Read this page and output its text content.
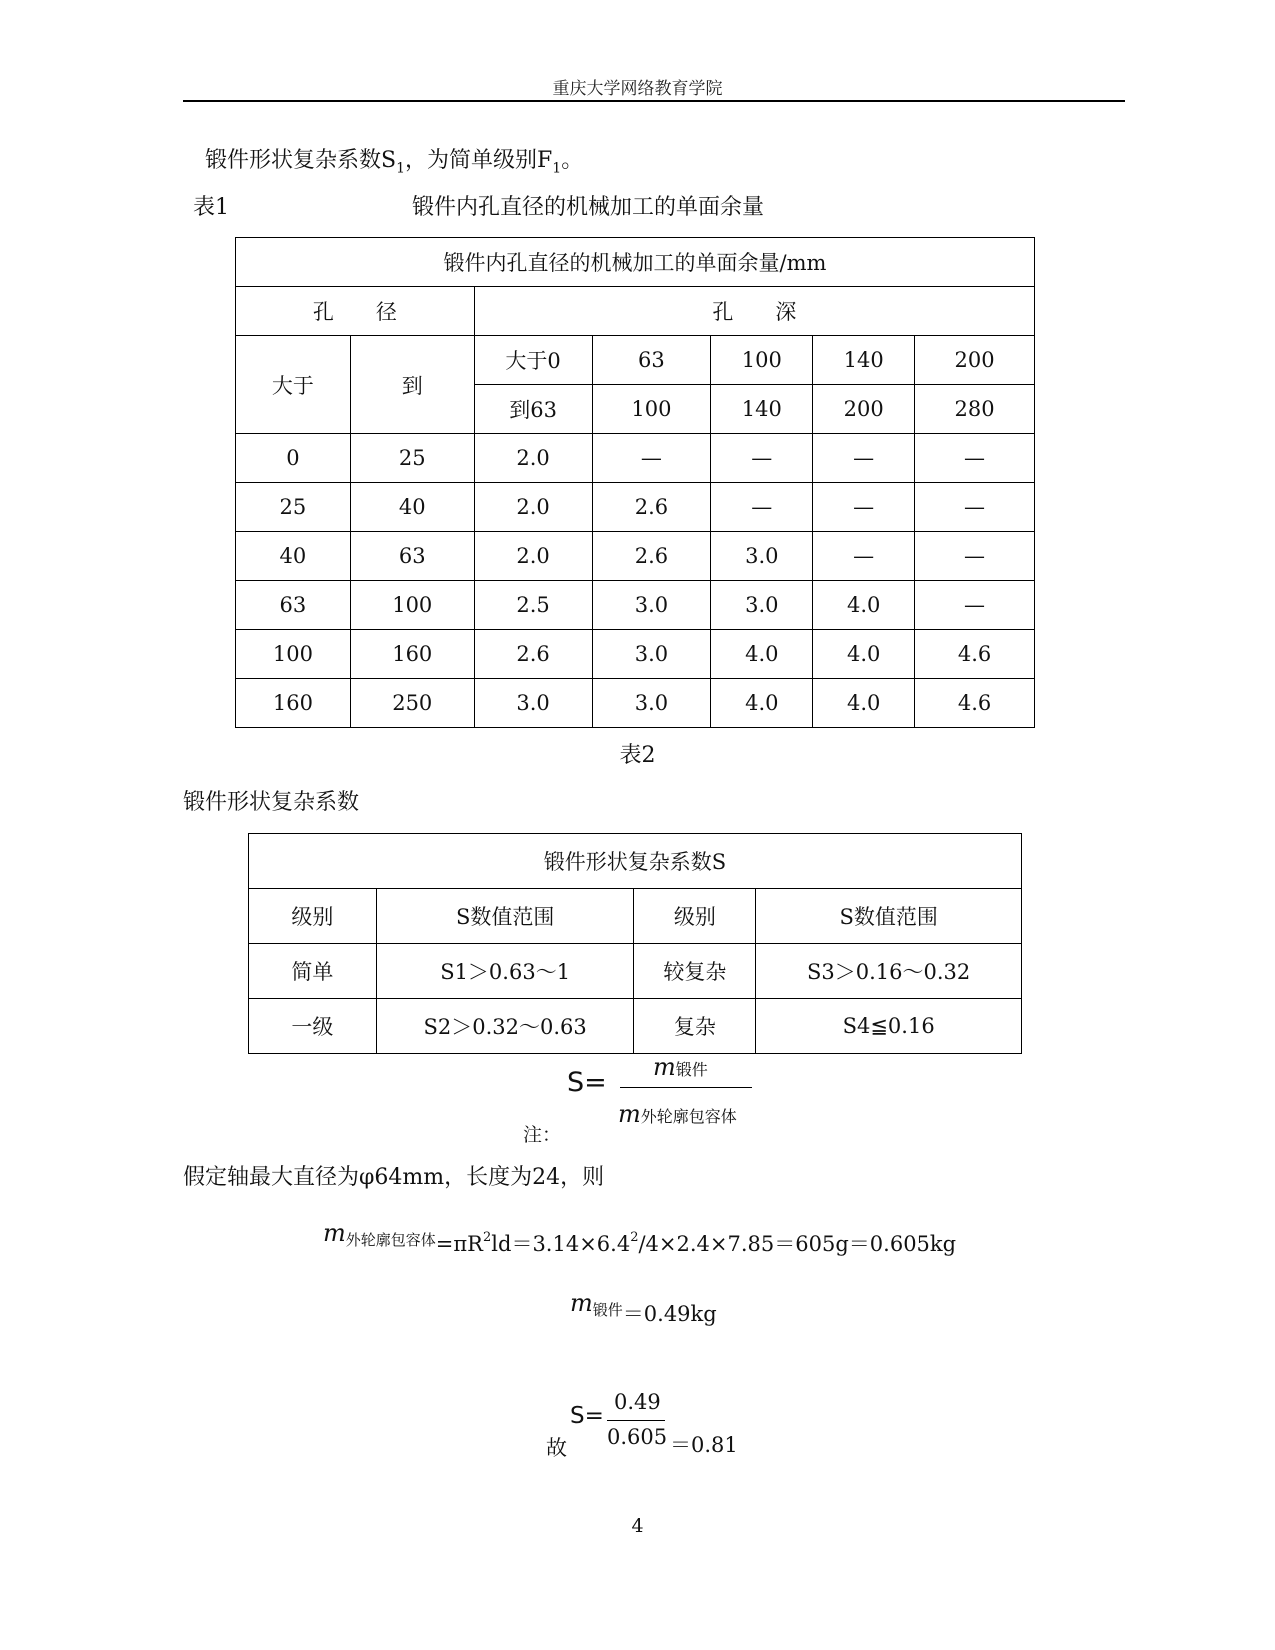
重庆大学网络教育学院
锻件形状复杂系数$S_1$，为简单级别$F_1$。
表1	锻件内孔直径的机械加工的单面余量
锻件内孔直径的机械加工的单面余量/mm						
孔　　径		孔　　深				
大于	到	大于0	63	100	140	200
		到63	100	140	200	280
0	25	2.0	—	—	—	—
25	40	2.0	2.6	—	—	—
40	63	2.0	2.6	3.0	—	—
63	100	2.5	3.0	3.0	4.0	—
100	160	2.6	3.0	4.0	4.0	4.6
160	250	3.0	3.0	4.0	4.0	4.6
表2
锻件形状复杂系数
锻件形状复杂系数S			
级别	S数值范围	级别	S数值范围
简单	S1＞0.63～1	较复杂	S3＞0.16～0.32
一级	S2＞0.32～0.63	复杂	S4≦0.16
S= m锻件
m外轮廓包容体
注：
假定轴最大直径为φ64mm，长度为24，则
m外轮廓包容体$=\pi R^2ld=3.14\times 6.4^2/4\times 2.4\times 7.85=605g=0.605kg$
m锻件＝0.49kg
故
S=
0.49
0.605 ＝0.81
4
